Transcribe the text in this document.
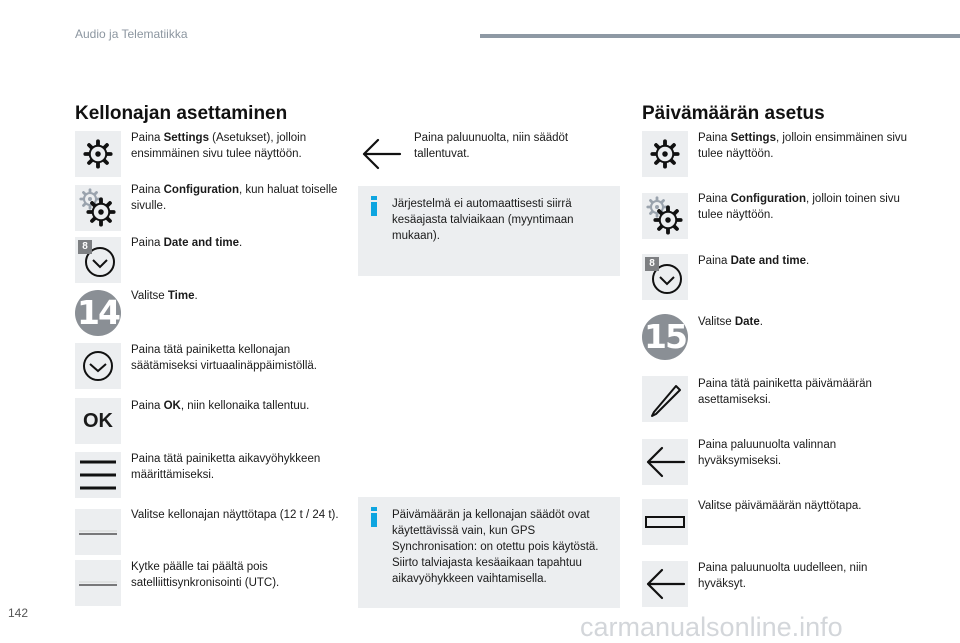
Audio ja Telematiikka
Kellonajan asettaminen
Paina Settings (Asetukset), jolloin ensimmäinen sivu tulee näyttöön.
Paina Configuration, kun haluat toiselle sivulle.
8	Paina Date and time.
14 Valitse Time.
Paina tätä painiketta kellonajan säätämiseksi virtuaalinäppäimistöllä.
OK
Paina OK, niin kellonaika tallentuu.
Paina tätä painiketta aikavyöhykkeen määrittämiseksi.
Valitse kellonajan näyttötapa (12 t / 24 t).
Kytke päälle tai päältä pois satelliittisynkronisointi (UTC).
Paina paluunuolta, niin säädöt tallentuvat.
Järjestelmä ei automaattisesti siirrä kesäajasta talviaikaan (myyntimaan mukaan).
Päivämäärän ja kellonajan säädöt ovat käytettävissä vain, kun GPS Synchronisation: on otettu pois käytöstä.
Siirto talviajasta kesäaikaan tapahtuu aikavyöhykkeen vaihtamisella.
Päivämäärän asetus
Paina Settings, jolloin ensimmäinen sivu tulee näyttöön.
Paina Configuration, jolloin toinen sivu tulee näyttöön.
8	Paina Date and time.
15 Valitse Date.
Paina tätä painiketta päivämäärän asettamiseksi.
Paina paluunuolta valinnan hyväksymiseksi.
Valitse päivämäärän näyttötapa.
Paina paluunuolta uudelleen, niin hyväksyt.
142	carmanualsonline.info
